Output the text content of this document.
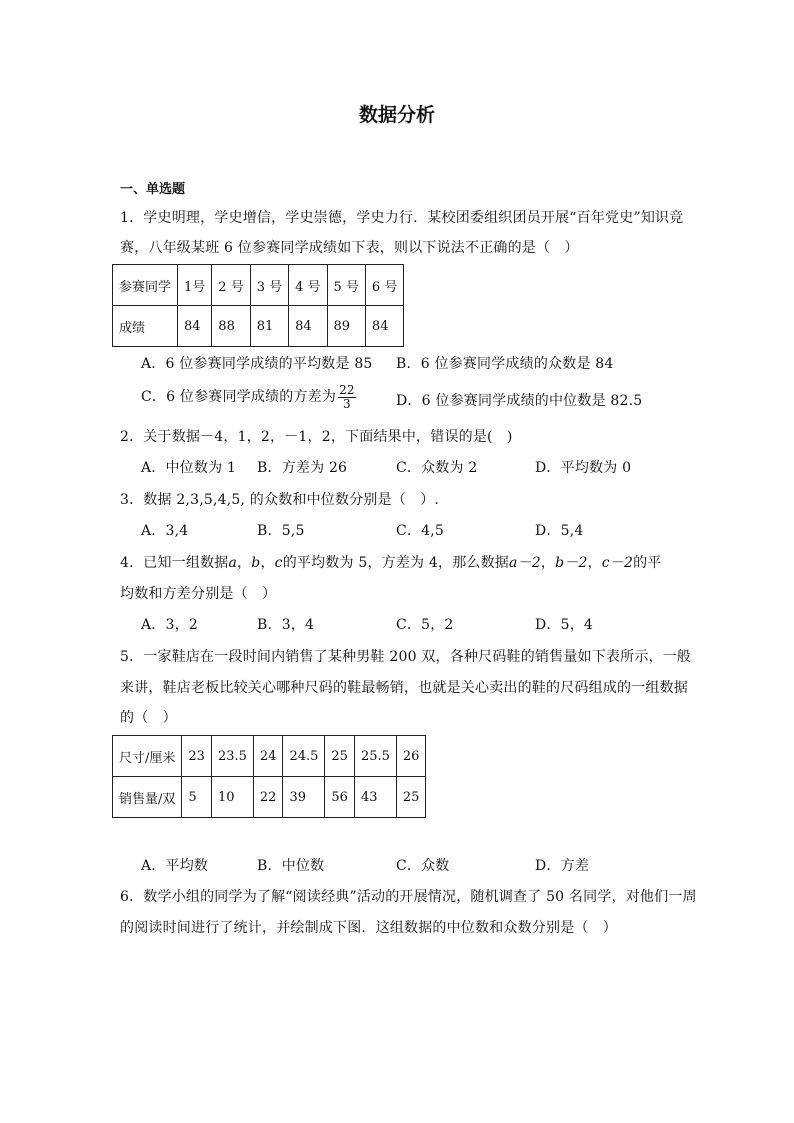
数据分析
一、单选题
1．学史明理，学史增信，学史崇德，学史力行．某校团委组织团员开展“百年党史”知识竞
赛，八年级某班 6 位参赛同学成绩如下表，则以下说法不正确的是（　）
参赛同学	1号	2 号	3 号	4 号	5 号	6 号
成绩	84	88	81	84	89	84
A．6 位参赛同学成绩的平均数是 85 B．6 位参赛同学成绩的众数是 84
C．6 位参赛同学成绩的方差为 $\frac{22}{3}$	D．6 位参赛同学成绩的中位数是 82.5
2．关于数据－4，1，2，－1，2，下面结果中，错误的是(　)
A．中位数为 1 B．方差为 26	C．众数为 2	D．平均数为 0
3．数据 2,3,5,4,5, 的众数和中位数分别是（　）.
A．3,4	B．5,5	C．4,5	D．5,4
4．已知一组数据a，b，c的平均数为 5，方差为 4，那么数据a－2，b－2，c－2的平
均数和方差分别是（　）
A．3，2	B．3，4	C．5，2	D．5，4
5．一家鞋店在一段时间内销售了某种男鞋 200 双，各种尺码鞋的销售量如下表所示，一般
来讲，鞋店老板比较关心哪种尺码的鞋最畅销，也就是关心卖出的鞋的尺码组成的一组数据
的（　）
尺寸/厘米	23	23.5	24	24.5	25	25.5	26
销售量/双	5	10	22	39	56	43	25
A．平均数	B．中位数	C．众数	D．方差
6．数学小组的同学为了解“阅读经典”活动的开展情况，随机调查了 50 名同学，对他们一周
的阅读时间进行了统计，并绘制成下图．这组数据的中位数和众数分别是（　）
